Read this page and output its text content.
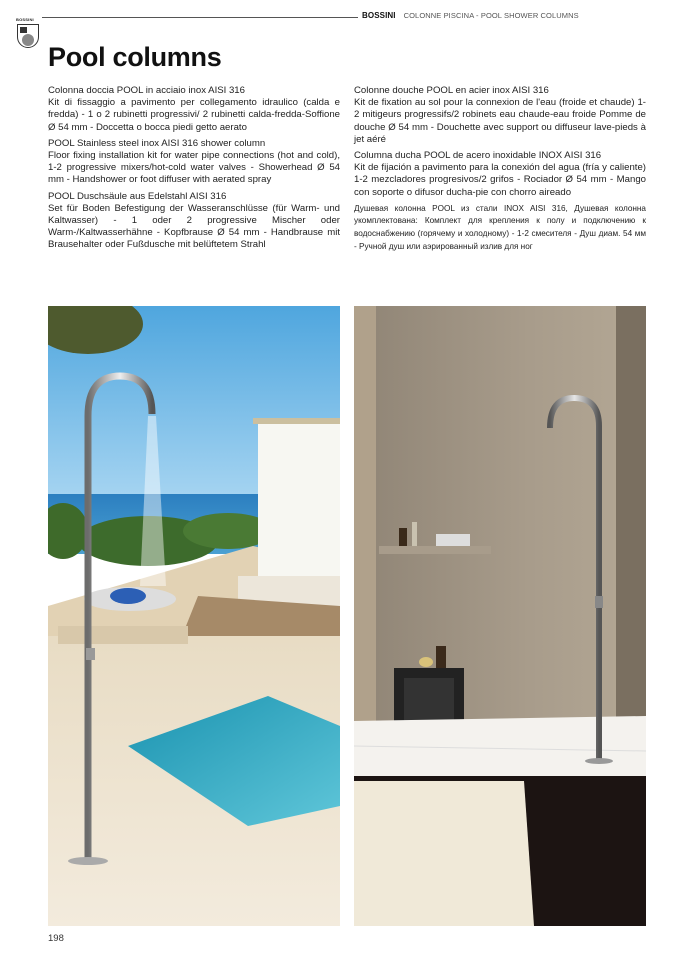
BOSSINI	BOSSINI COLONNE PISCINA - POOL SHOWER COLUMNS
Pool columns

Colonna doccia POOL in acciaio inox AISI 316
Kit di fissaggio a pavimento per collegamento idraulico (calda e fredda) - 1 o 2 rubinetti progressivi/ 2 rubinetti calda-fredda-Soffione Ø 54 mm - Doccetta o bocca piedi getto aerato

POOL Stainless steel inox AISI 316 shower column
Floor fixing installation kit for water pipe connections (hot and cold), 1-2 progressive mixers/hot-cold water valves - Showerhead Ø 54 mm - Handshower or foot diffuser with aerated spray

POOL Duschsäule aus Edelstahl AISI 316
Set für Boden Befestigung der Wasseranschlüsse (für Warm- und Kaltwasser) - 1 oder 2 progressive Mischer oder Warm-/Kaltwasserhähne - Kopfbrause Ø 54 mm - Handbrause mit Brausehalter oder Fußdusche mit belüftetem Strahl

Colonne douche POOL en acier inox AISI 316
Kit de fixation au sol pour la connexion de l'eau (froide et chaude) 1-2 mitigeurs progressifs/2 robinets eau chaude-eau froide Pomme de douche Ø 54 mm - Douchette avec support ou diffuseur lave-pieds à jet aéré

Columna ducha POOL de acero inoxidable INOX AISI 316
Kit de fijación a pavimento para la conexión del agua (fría y caliente) 1-2 mezcladores progresivos/2 grifos - Rociador Ø 54 mm - Mango con soporte o difusor ducha-pie con chorro aireado

Душевая колонна POOL из стали INOX AISI 316, Душевая колонна укомплектована: Комплект для крепления к полу и подключению к водоснабжению (горячему и холодному) - 1-2 смесителя - Душ диам. 54 мм - Ручной душ или аэрированный излив для ног

198
